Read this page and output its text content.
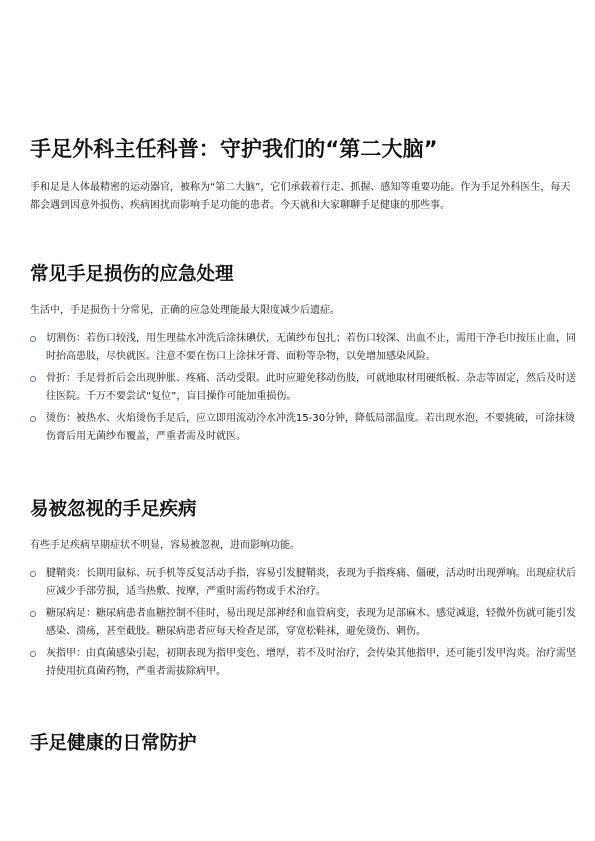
手足外科主任科普：守护我们的“第二大脑”

手和足是人体最精密的运动器官，被称为“第二大脑”，它们承载着行走、抓握、感知等重要功能。作为手足外科医生，每天都会遇到因意外损伤、疾病困扰而影响手足功能的患者。今天就和大家聊聊手足健康的那些事。

常见手足损伤的应急处理

生活中，手足损伤十分常见，正确的应急处理能最大限度减少后遗症。

切割伤：若伤口较浅，用生理盐水冲洗后涂抹碘伏，无菌纱布包扎；若伤口较深、出血不止，需用干净毛巾按压止血，同时抬高患肢，尽快就医。注意不要在伤口上涂抹牙膏、面粉等杂物，以免增加感染风险。
骨折：手足骨折后会出现肿胀、疼痛、活动受限。此时应避免移动伤肢，可就地取材用硬纸板、杂志等固定，然后及时送往医院。千万不要尝试“复位”，盲目操作可能加重损伤。
烫伤：被热水、火焰烫伤手足后，应立即用流动冷水冲洗15-30分钟，降低局部温度。若出现水泡，不要挑破，可涂抹烫伤膏后用无菌纱布覆盖，严重者需及时就医。
易被忽视的手足疾病

有些手足疾病早期症状不明显，容易被忽视，进而影响功能。

腱鞘炎：长期用鼠标、玩手机等反复活动手指，容易引发腱鞘炎，表现为手指疼痛、僵硬，活动时出现弹响。出现症状后应减少手部劳损，适当热敷、按摩，严重时需药物或手术治疗。
糖尿病足：糖尿病患者血糖控制不佳时，易出现足部神经和血管病变，表现为足部麻木、感觉减退，轻微外伤就可能引发感染、溃疡，甚至截肢。糖尿病患者应每天检查足部，穿宽松鞋袜，避免烫伤、刺伤。
灰指甲：由真菌感染引起，初期表现为指甲变色、增厚，若不及时治疗，会传染其他指甲，还可能引发甲沟炎。治疗需坚持使用抗真菌药物，严重者需拔除病甲。
手足健康的日常防护
